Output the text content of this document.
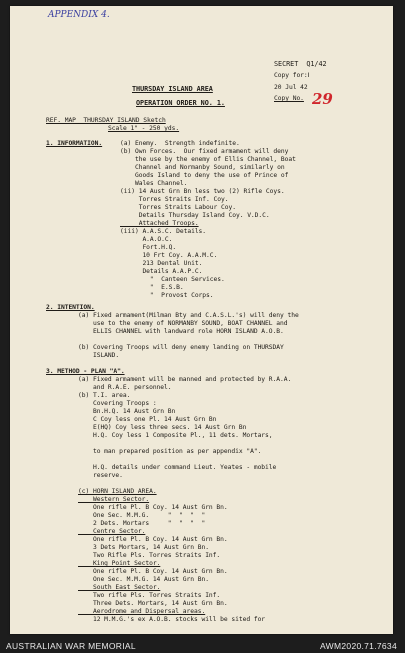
APPENDIX 4.
SECRET  Q1/42
Copy for:Ⅰ
20 Jul 42
Copy No. 29
THURSDAY ISLAND AREA
OPERATION ORDER NO. 1.
REF. MAP  THURSDAY ISLAND Sketch
Scale 1" - 250 yds.
1. INFORMATION.	(a) Enemy.  Strength indefinite.
(b) Own Forces.  Our fixed armament will deny
the use by the enemy of Ellis Channel, Boat
Channel and Normanby Sound, similarly on
Goods Island to deny the use of Prince of
Wales Channel.
(ii) 14 Aust Grn Bn less two (2) Rifle Coys.
Torres Straits Inf. Coy.
Torres Straits Labour Coy.
Details Thursday Island Coy. V.D.C.
Attached Troops.
(iii) A.A.S.C. Details.
A.A.O.C.
Fort.H.Q.
10 Frt Coy. A.A.M.C.
213 Dental Unit.
Details A.A.P.C.
"  Canteen Services.
"  E.S.B.
"  Provost Corps.
2. INTENTION.
(a) Fixed armament(Milman Bty and C.A.S.L.'s) will deny the
use to the enemy of NORMANBY SOUND, BOAT CHANNEL and
ELLIS CHANNEL with landward role HORN ISLAND A.O.B.
(b) Covering Troops will deny enemy landing on THURSDAY
ISLAND.
3. METHOD - PLAN "A".
(a) Fixed armament will be manned and protected by R.A.A.
and R.A.E. personnel.
(b) T.I. area.
Covering Troops :
Bn.H.Q. 14 Aust Grn Bn
C Coy less one Pl. 14 Aust Grn Bn
E(HQ) Coy less three secs. 14 Aust Grn Bn
H.Q. Coy less 1 Composite Pl., 11 dets. Mortars,
to man prepared position as per appendix "A".
H.Q. details under command Lieut. Yeates - mobile
reserve.
(c) HORN ISLAND AREA.
Western Sector.
One rifle Pl. B Coy. 14 Aust Grn Bn.
One Sec. M.M.G.     "  "  "  "
2 Dets. Mortars     "  "  "  "
Centre Sector.
One rifle Pl. B Coy. 14 Aust Grn Bn.
3 Dets Mortars, 14 Aust Grn Bn.
Two Rifle Pls. Torres Straits Inf.
King Point Sector.
One rifle Pl. B Coy. 14 Aust Grn Bn.
One Sec. M.M.G. 14 Aust Grn Bn.
South East Sector.
Two rifle Pls. Torres Straits Inf.
Three Dets. Mortars, 14 Aust Grn Bn.
Aerodrome and Dispersal areas.
12 M.M.G.'s ex A.O.B. stocks will be sited for
AUSTRALIAN WAR MEMORIAL	AWM2020.71.7634
